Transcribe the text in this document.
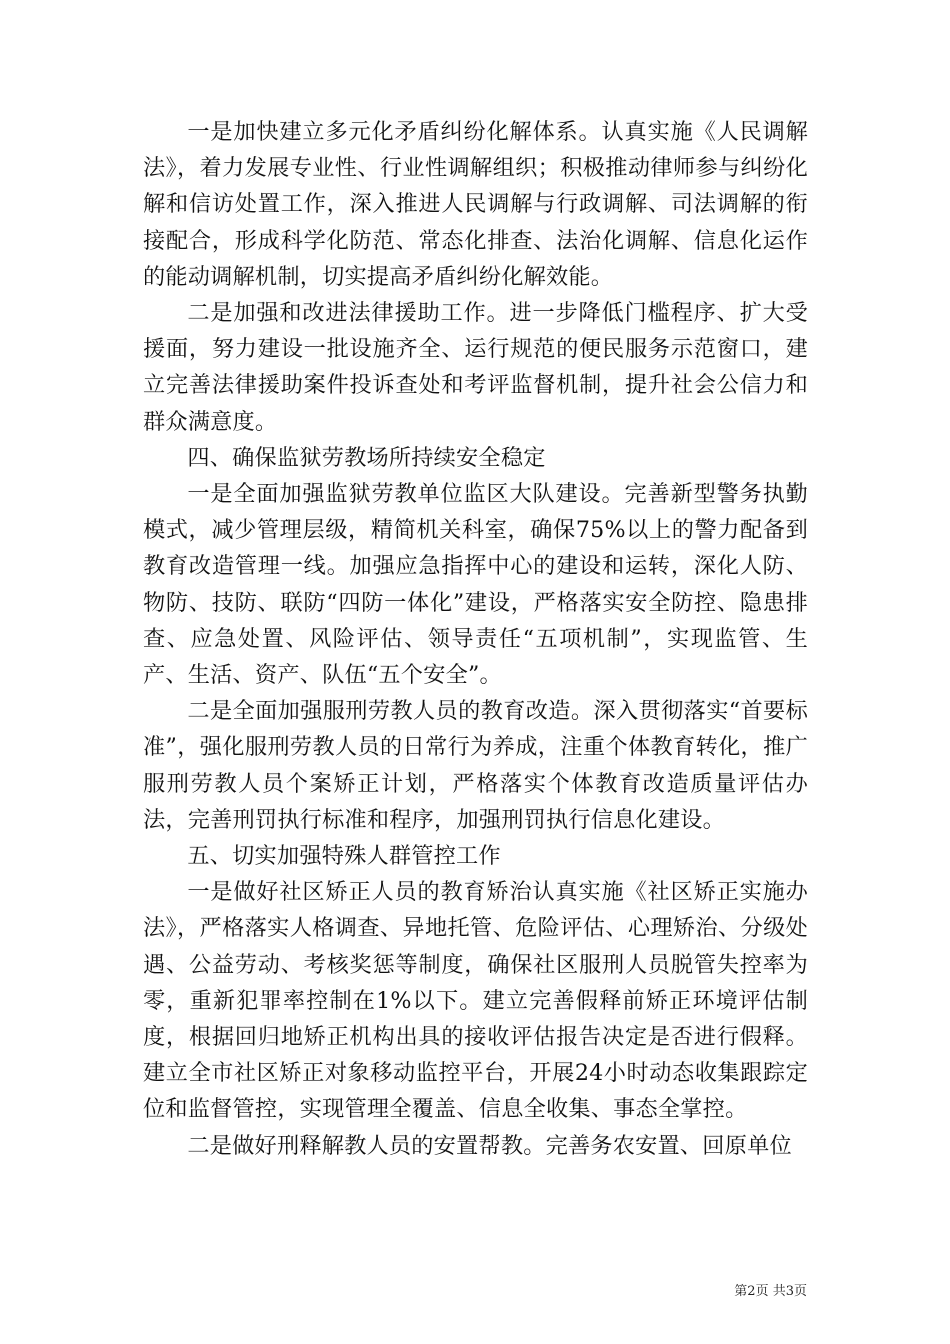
一是加快建立多元化矛盾纠纷化解体系。认真实施《人民调解法》，着力发展专业性、行业性调解组织；积极推动律师参与纠纷化解和信访处置工作，深入推进人民调解与行政调解、司法调解的衔接配合，形成科学化防范、常态化排查、法治化调解、信息化运作的能动调解机制，切实提高矛盾纠纷化解效能。

二是加强和改进法律援助工作。进一步降低门槛程序、扩大受援面，努力建设一批设施齐全、运行规范的便民服务示范窗口，建立完善法律援助案件投诉查处和考评监督机制，提升社会公信力和群众满意度。

四、确保监狱劳教场所持续安全稳定

一是全面加强监狱劳教单位监区大队建设。完善新型警务执勤模式，减少管理层级，精简机关科室，确保75%以上的警力配备到教育改造管理一线。加强应急指挥中心的建设和运转，深化人防、物防、技防、联防“四防一体化”建设，严格落实安全防控、隐患排查、应急处置、风险评估、领导责任“五项机制”，实现监管、生产、生活、资产、队伍“五个安全”。

二是全面加强服刑劳教人员的教育改造。深入贯彻落实“首要标准”，强化服刑劳教人员的日常行为养成，注重个体教育转化，推广服刑劳教人员个案矫正计划，严格落实个体教育改造质量评估办法，完善刑罚执行标准和程序，加强刑罚执行信息化建设。

五、切实加强特殊人群管控工作

一是做好社区矫正人员的教育矫治认真实施《社区矫正实施办法》，严格落实人格调查、异地托管、危险评估、心理矫治、分级处遇、公益劳动、考核奖惩等制度，确保社区服刑人员脱管失控率为零，重新犯罪率控制在1%以下。建立完善假释前矫正环境评估制度，根据回归地矫正机构出具的接收评估报告决定是否进行假释。建立全市社区矫正对象移动监控平台，开展24小时动态收集跟踪定位和监督管控，实现管理全覆盖、信息全收集、事态全掌控。

二是做好刑释解教人员的安置帮教。完善务农安置、回原单位

第2页 共3页
